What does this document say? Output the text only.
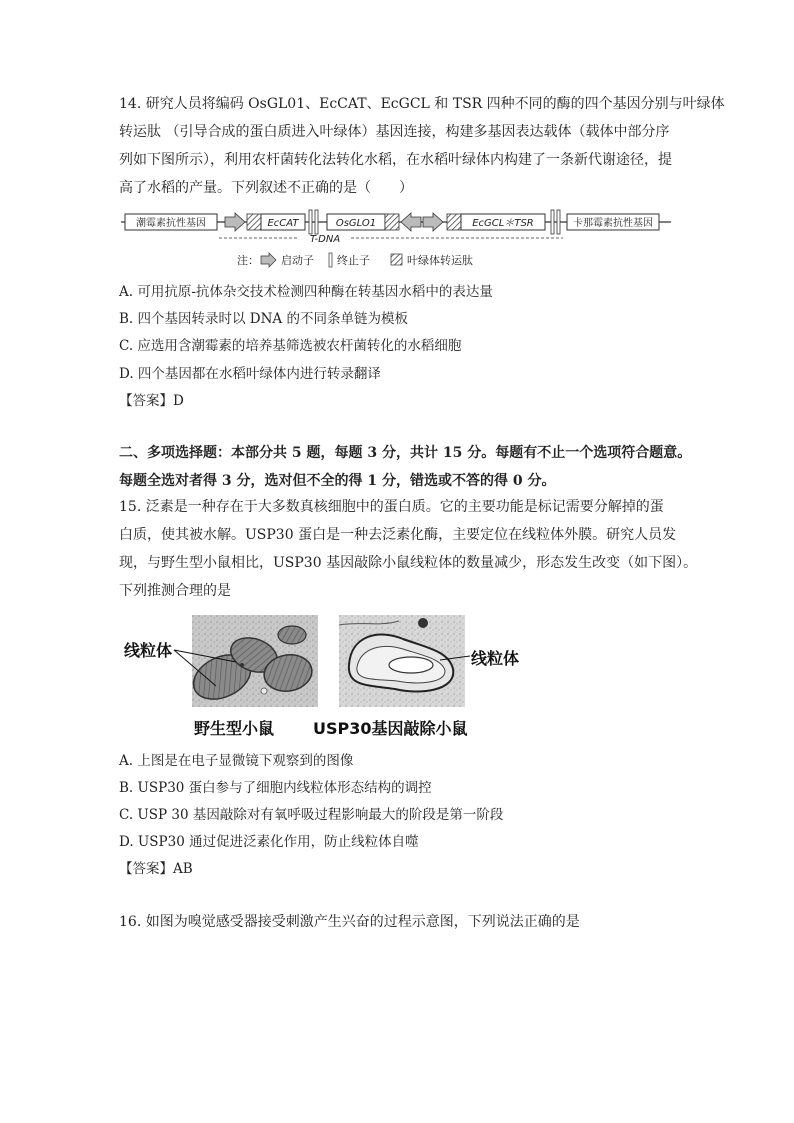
14. 研究人员将编码 OsGL01、EcCAT、EcGCL 和 TSR 四种不同的酶的四个基因分别与叶绿体
转运肽 （引导合成的蛋白质进入叶绿体）基因连接，构建多基因表达载体（载体中部分序
列如下图所示），利用农杆菌转化法转化水稻，在水稻叶绿体内构建了一条新代谢途径，提
高了水稻的产量。下列叙述不正确的是（　　）
潮霉素抗性基因	EcCAT	OsGLO1	EcGCL＊TSR	卡那霉素抗性基因
T-DNA
注： 启动子 终止子	叶绿体转运肽
A. 可用抗原-抗体杂交技术检测四种酶在转基因水稻中的表达量
B. 四个基因转录时以 DNA 的不同条单链为模板
C. 应选用含潮霉素的培养基筛选被农杆菌转化的水稻细胞
D. 四个基因都在水稻叶绿体内进行转录翻译
【答案】D
二、多项选择题：本部分共 5 题，每题 3 分，共计 15 分。每题有不止一个选项符合题意。
每题全选对者得 3 分，选对但不全的得 1 分，错选或不答的得 0 分。
15. 泛素是一种存在于大多数真核细胞中的蛋白质。它的主要功能是标记需要分解掉的蛋
白质，使其被水解。USP30 蛋白是一种去泛素化酶，主要定位在线粒体外膜。研究人员发
现，与野生型小鼠相比，USP30 基因敲除小鼠线粒体的数量减少，形态发生改变（如下图）。
下列推测合理的是
线粒体	线粒体
野生型小鼠 USP30基因敲除小鼠
A. 上图是在电子显微镜下观察到的图像
B. USP30 蛋白参与了细胞内线粒体形态结构的调控
C. USP 30 基因敲除对有氧呼吸过程影响最大的阶段是第一阶段
D. USP30 通过促进泛素化作用，防止线粒体自噬
【答案】AB
16. 如图为嗅觉感受器接受刺激产生兴奋的过程示意图，下列说法正确的是
